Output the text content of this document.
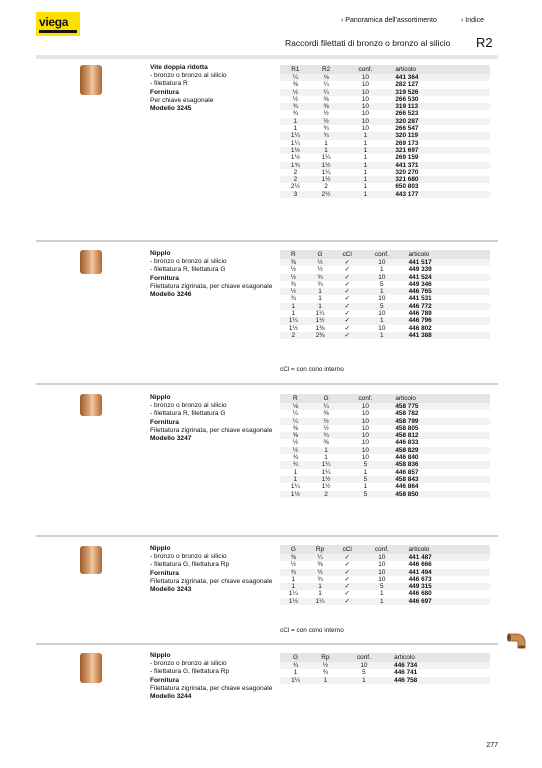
viega	‹ Panoramica dell'assortimento	‹ Indice
Raccordi filettati di bronzo o bronzo al silicio R2
Vite doppia ridotta
- bronzo o bronzo al silicio
- filettatura R
Fornitura
Per chiave esagonale
Modello 3245
R1	R2	conf.	articolo
¼	⅛	10	441 364
⅜	¼	10	282 127
½	¼	10	319 526
½	⅜	10	266 530
¾	⅜	10	319 113
¾	½	10	266 523
1	½	10	320 287
1	¾	10	266 547
1¼	¾	1	320 119
1¼	1	1	269 173
1½	1	1	321 697
1½	1¼	1	269 159
1¾	1½	1	441 371
2	1¼	1	320 270
2	1½	1	321 680
2½	2	1	650 803
3	2½	1	443 177
Nipplo
- bronzo o bronzo al silicio
- filettatura R, filettatura G
Fornitura
Filettatura zigrinata, per chiave esagonale
Modello 3246
R	G	cCl	conf.	articolo
⅜	½	✓	10	441 517
½	½	✓	1	449 339
½	¾	✓	10	441 524
¾	¾	✓	5	449 346
½	1	✓	1	446 765
¾	1	✓	10	441 531
1	1	✓	5	446 772
1	1¼	✓	10	446 789
1¼	1½	✓	1	446 796
1½	1⅜	✓	10	446 802
2	2⅜	✓	1	441 388
cCl = con cono interno
Nipplo
- bronzo o bronzo al silicio
- filettatura R, filettatura G
Fornitura
Filettatura zigrinata, per chiave esagonale
Modello 3247
R	G	conf.	articolo
⅛	¼	10	458 775
¼	⅜	10	458 782
¼	½	10	458 799
⅜	½	10	458 805
⅜	¾	10	458 812
½	⅜	10	446 833
½	1	10	458 829
¾	1	10	446 840
¾	1¼	5	458 836
1	1¼	1	446 857
1	1½	5	458 843
1¼	1½	1	446 864
1½	2	5	458 850
Nipplo
- bronzo o bronzo al silicio
- filettatura G, filettatura Rp
Fornitura
Filettatura zigrinata, per chiave esagonale
Modello 3243
G	Rp	cCl	conf.	articolo
⅜	¼	✓	10	441 487
½	⅜	✓	10	446 666
¾	½	✓	10	441 494
1	¾	✓	10	446 673
1	1	✓	5	449 315
1¼	1	✓	1	446 680
1½	1¼	✓	1	446 697
cCl = con cono interno
Nipplo
- bronzo o bronzo al silicio
- filettatura G, filettatura Rp
Fornitura
Filettatura zigrinata, per chiave esagonale
Modello 3244
G	Rp	conf.	articolo
¾	½	10	446 734
1	¾	5	446 741
1¼	1	1	446 758
277
